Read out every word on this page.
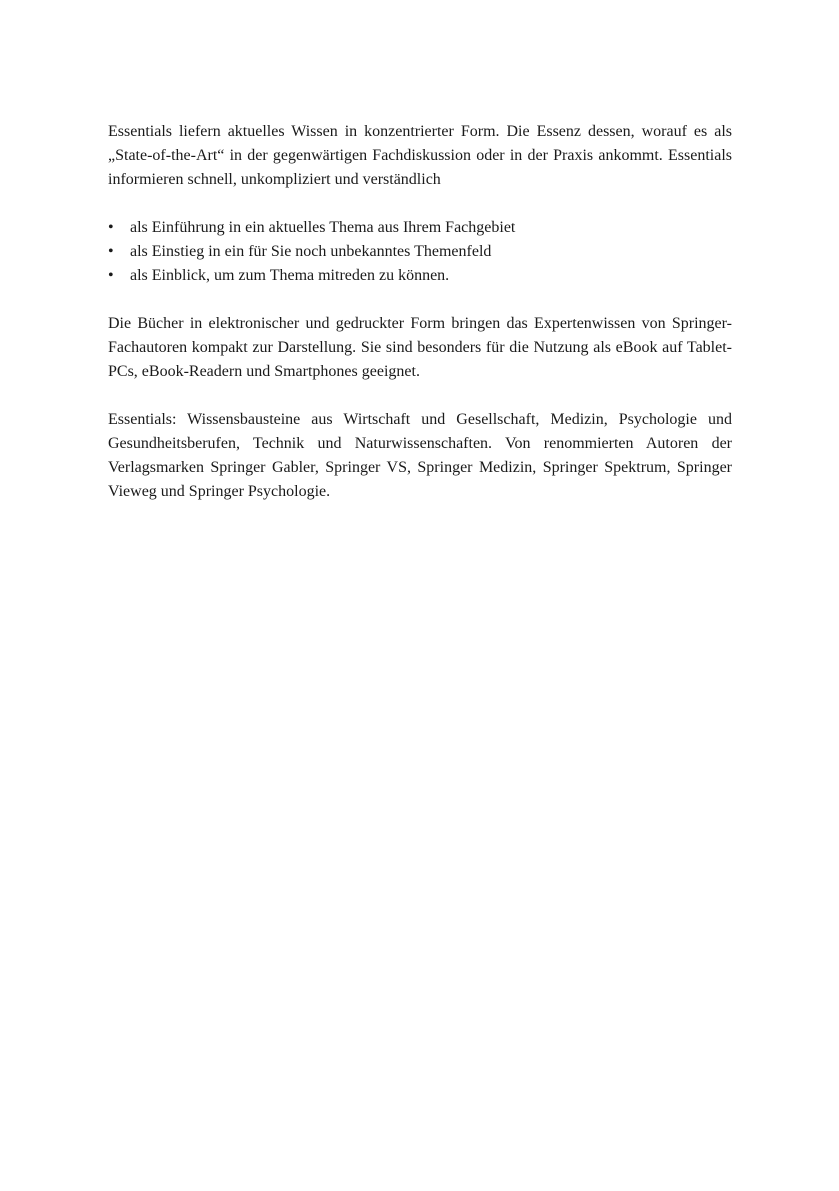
Essentials liefern aktuelles Wissen in konzentrierter Form. Die Essenz dessen, worauf es als „State-of-the-Art“ in der gegenwärtigen Fachdiskussion oder in der Praxis ankommt. Essentials informieren schnell, unkompliziert und verständlich

•	als Einführung in ein aktuelles Thema aus Ihrem Fachgebiet
•	als Einstieg in ein für Sie noch unbekanntes Themenfeld
•	als Einblick, um zum Thema mitreden zu können.

Die Bücher in elektronischer und gedruckter Form bringen das Expertenwissen von Springer-Fachautoren kompakt zur Darstellung. Sie sind besonders für die Nutzung als eBook auf Tablet-PCs, eBook-Readern und Smartphones geeignet.

Essentials: Wissensbausteine aus Wirtschaft und Gesellschaft, Medizin, Psychologie und Gesundheitsberufen, Technik und Naturwissenschaften. Von renommierten Autoren der Verlagsmarken Springer Gabler, Springer VS, Springer Medizin, Springer Spektrum, Springer Vieweg und Springer Psychologie.
